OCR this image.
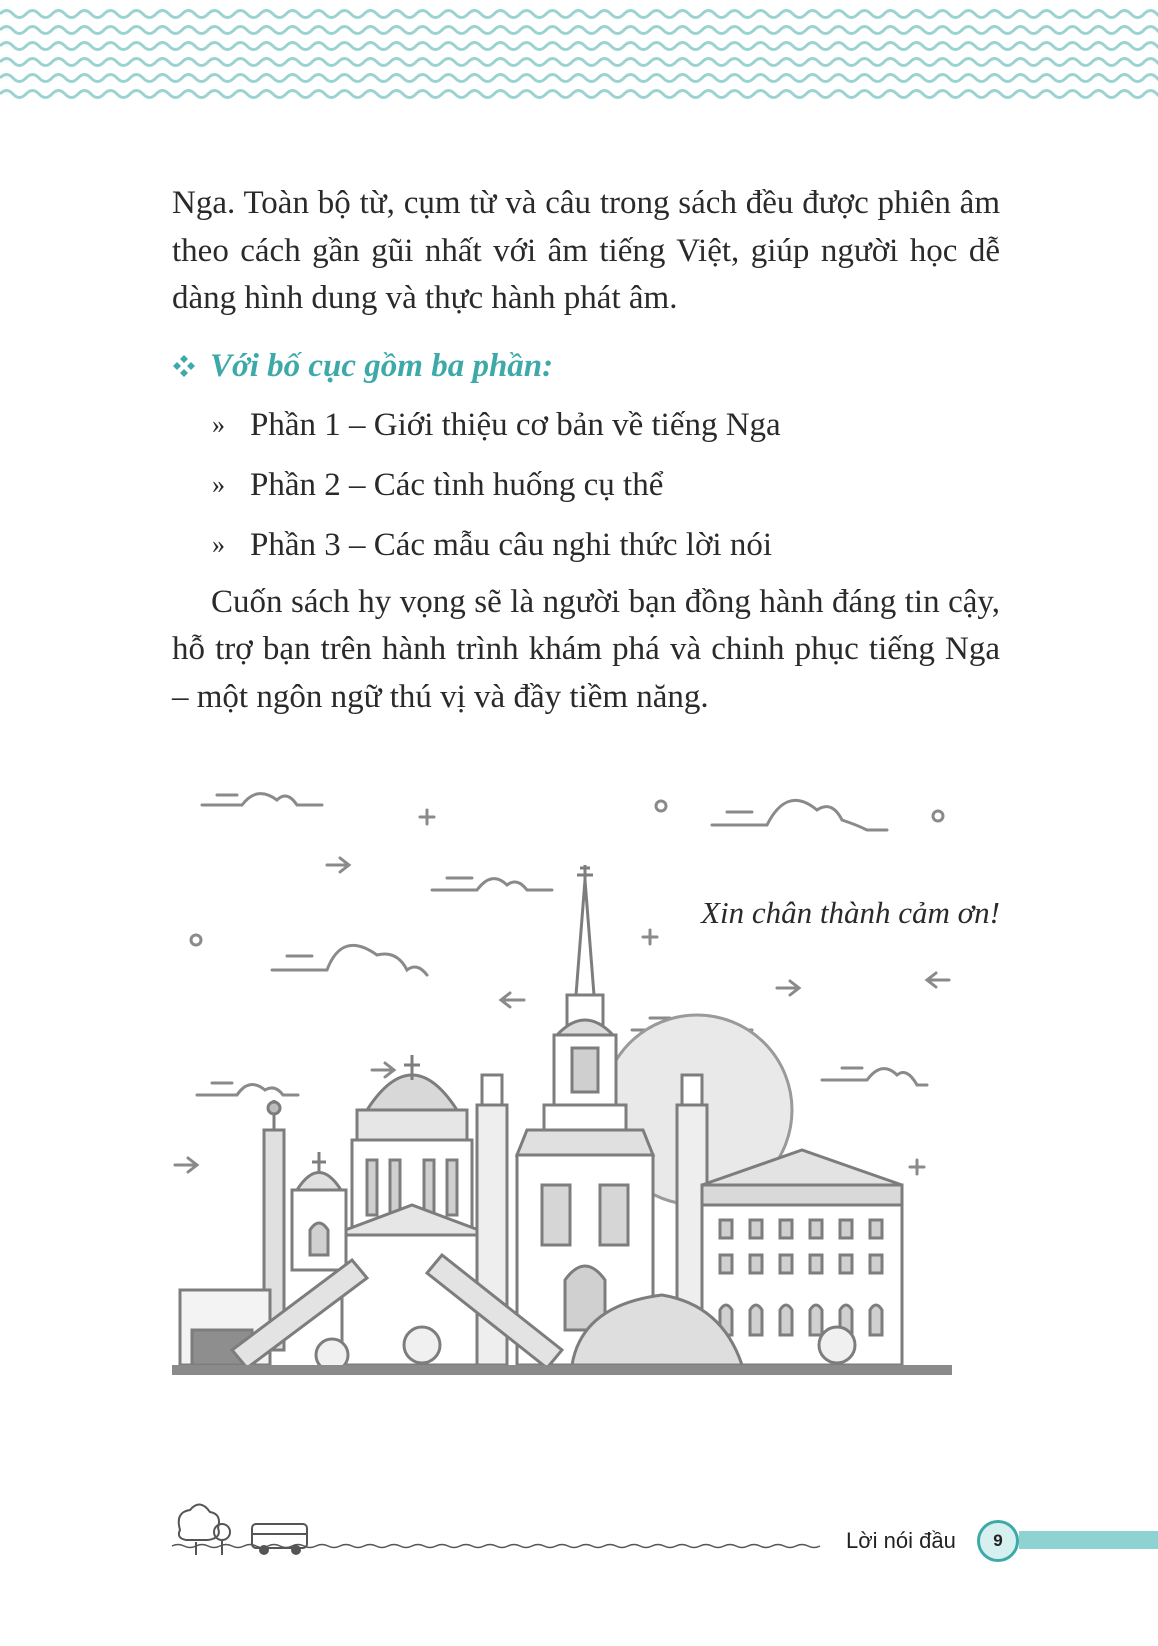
Nga. Toàn bộ từ, cụm từ và câu trong sách đều được phiên âm theo cách gần gũi nhất với âm tiếng Việt, giúp người học dễ dàng hình dung và thực hành phát âm.

Với bố cục gồm ba phần:
» Phần 1 – Giới thiệu cơ bản về tiếng Nga
» Phần 2 – Các tình huống cụ thể
» Phần 3 – Các mẫu câu nghi thức lời nói

Cuốn sách hy vọng sẽ là người bạn đồng hành đáng tin cậy, hỗ trợ bạn trên hành trình khám phá và chinh phục tiếng Nga – một ngôn ngữ thú vị và đầy tiềm năng.

Xin chân thành cảm ơn!
Lời nói đầu	9
